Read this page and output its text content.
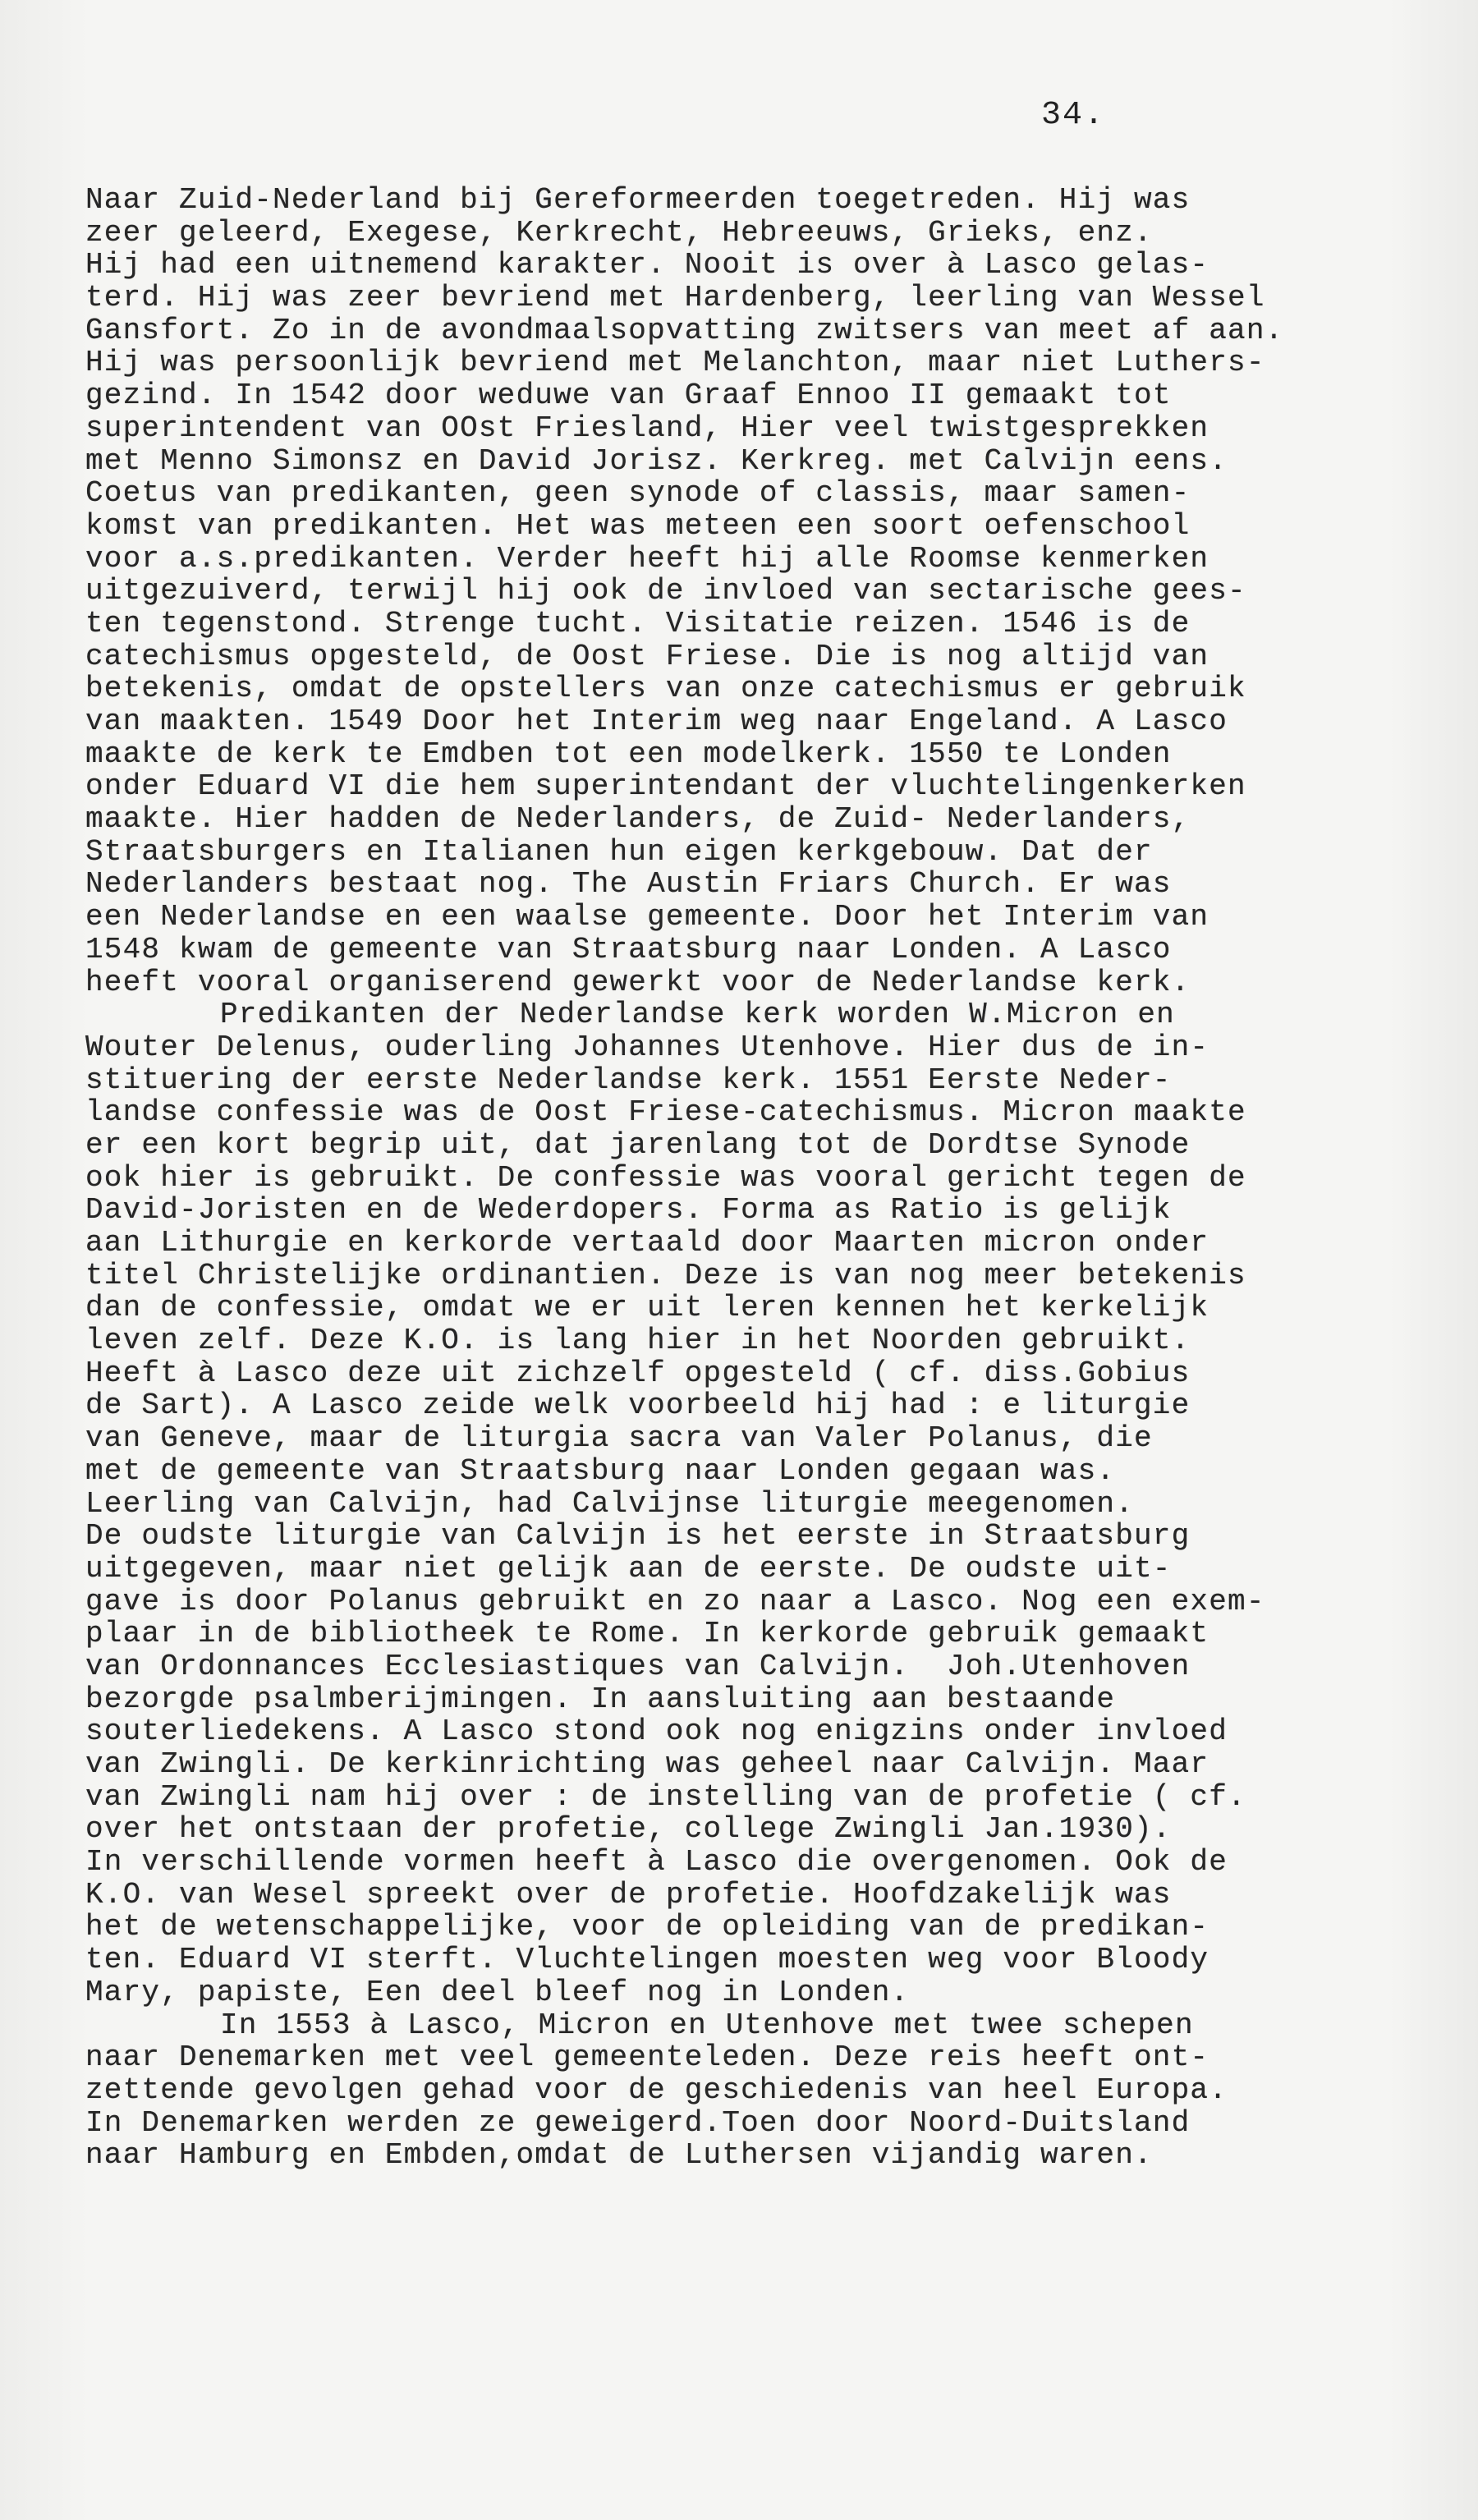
34.
Naar Zuid-Nederland bij Gereformeerden toegetreden. Hij was
zeer geleerd, Exegese, Kerkrecht, Hebreeuws, Grieks, enz.
Hij had een uitnemend karakter. Nooit is over à Lasco gelas-
terd. Hij was zeer bevriend met Hardenberg, leerling van Wessel
Gansfort. Zo in de avondmaalsopvatting zwitsers van meet af aan.
Hij was persoonlijk bevriend met Melanchton, maar niet Luthers-
gezind. In 1542 door weduwe van Graaf Ennoo II gemaakt tot
superintendent van OOst Friesland, Hier veel twistgesprekken
met Menno Simonsz en David Jorisz. Kerkreg. met Calvijn eens.
Coetus van predikanten, geen synode of classis, maar samen-
komst van predikanten. Het was meteen een soort oefenschool
voor a.s.predikanten. Verder heeft hij alle Roomse kenmerken
uitgezuiverd, terwijl hij ook de invloed van sectarische gees-
ten tegenstond. Strenge tucht. Visitatie reizen. 1546 is de
catechismus opgesteld, de Oost Friese. Die is nog altijd van
betekenis, omdat de opstellers van onze catechismus er gebruik
van maakten. 1549 Door het Interim weg naar Engeland. A Lasco
maakte de kerk te Emdben tot een modelkerk. 1550 te Londen
onder Eduard VI die hem superintendant der vluchtelingenkerken
maakte. Hier hadden de Nederlanders, de Zuid- Nederlanders,
Straatsburgers en Italianen hun eigen kerkgebouw. Dat der
Nederlanders bestaat nog. The Austin Friars Church. Er was
een Nederlandse en een waalse gemeente. Door het Interim van
1548 kwam de gemeente van Straatsburg naar Londen. A Lasco
heeft vooral organiserend gewerkt voor de Nederlandse kerk.
Predikanten der Nederlandse kerk worden W.Micron en
Wouter Delenus, ouderling Johannes Utenhove. Hier dus de in-
stituering der eerste Nederlandse kerk. 1551 Eerste Neder-
landse confessie was de Oost Friese-catechismus. Micron maakte
er een kort begrip uit, dat jarenlang tot de Dordtse Synode
ook hier is gebruikt. De confessie was vooral gericht tegen de
David-Joristen en de Wederdopers. Forma as Ratio is gelijk
aan Lithurgie en kerkorde vertaald door Maarten micron onder
titel Christelijke ordinantien. Deze is van nog meer betekenis
dan de confessie, omdat we er uit leren kennen het kerkelijk
leven zelf. Deze K.O. is lang hier in het Noorden gebruikt.
Heeft à Lasco deze uit zichzelf opgesteld ( cf. diss.Gobius
de Sart). A Lasco zeide welk voorbeeld hij had : e liturgie
van Geneve, maar de liturgia sacra van Valer Polanus, die
met de gemeente van Straatsburg naar Londen gegaan was.
Leerling van Calvijn, had Calvijnse liturgie meegenomen.
De oudste liturgie van Calvijn is het eerste in Straatsburg
uitgegeven, maar niet gelijk aan de eerste. De oudste uit-
gave is door Polanus gebruikt en zo naar a Lasco. Nog een exem-
plaar in de bibliotheek te Rome. In kerkorde gebruik gemaakt
van Ordonnances Ecclesiastiques van Calvijn.  Joh.Utenhoven
bezorgde psalmberijmingen. In aansluiting aan bestaande
souterliedekens. A Lasco stond ook nog enigzins onder invloed
van Zwingli. De kerkinrichting was geheel naar Calvijn. Maar
van Zwingli nam hij over : de instelling van de profetie ( cf.
over het ontstaan der profetie, college Zwingli Jan.1930).
In verschillende vormen heeft à Lasco die overgenomen. Ook de
K.O. van Wesel spreekt over de profetie. Hoofdzakelijk was
het de wetenschappelijke, voor de opleiding van de predikan-
ten. Eduard VI sterft. Vluchtelingen moesten weg voor Bloody
Mary, papiste, Een deel bleef nog in Londen.
In 1553 à Lasco, Micron en Utenhove met twee schepen
naar Denemarken met veel gemeenteleden. Deze reis heeft ont-
zettende gevolgen gehad voor de geschiedenis van heel Europa.
In Denemarken werden ze geweigerd.Toen door Noord-Duitsland
naar Hamburg en Embden,omdat de Luthersen vijandig waren.
